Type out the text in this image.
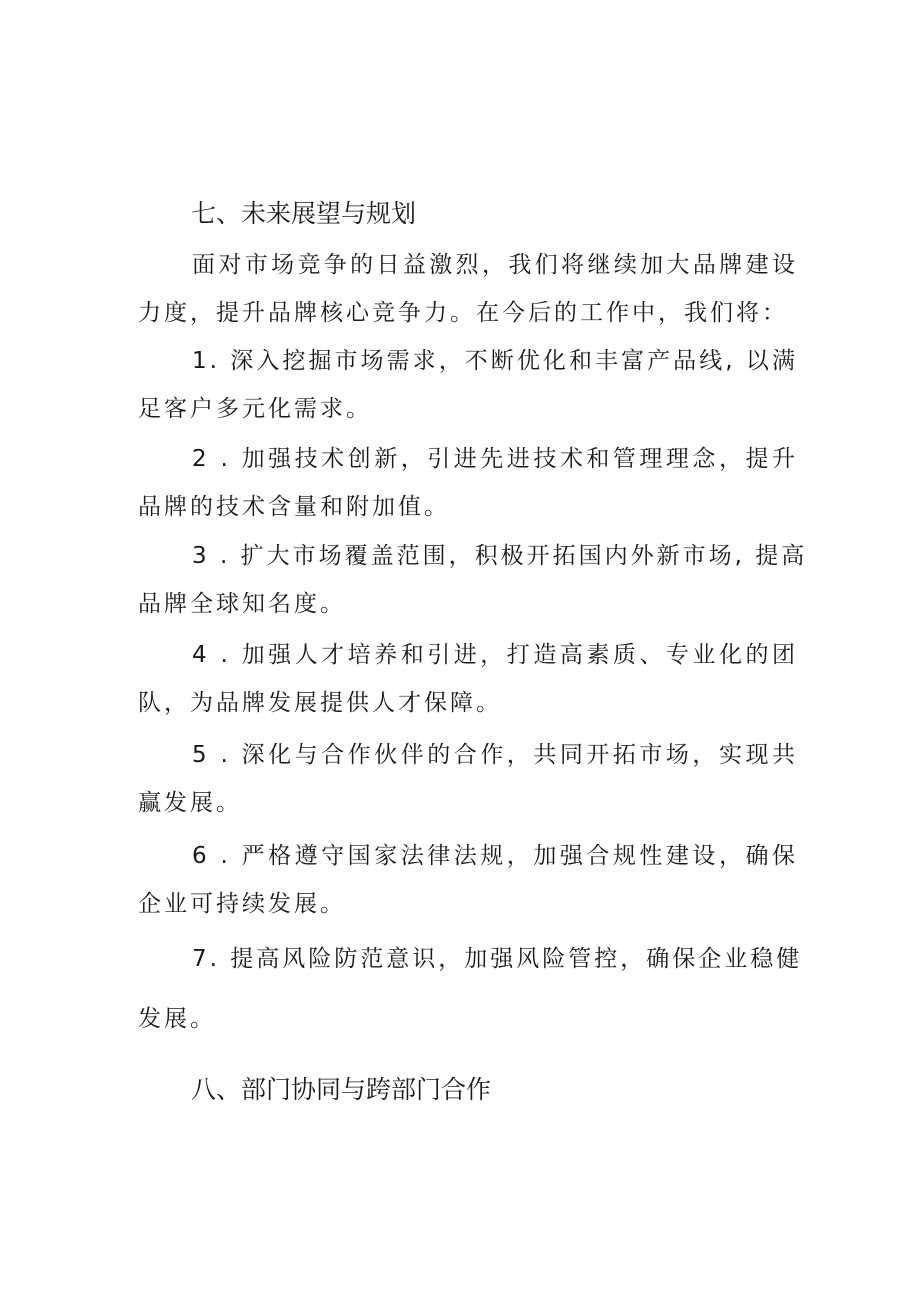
七、未来展望与规划
面对市场竞争的日益激烈，我们将继续加大品牌建设
力度，提升品牌核心竞争力。在今后的工作中，我们将：
1. 深入挖掘市场需求，不断优化和丰富产品线, 以满
足客户多元化需求。
2 . 加强技术创新，引进先进技术和管理理念，提升
品牌的技术含量和附加值。
3 . 扩大市场覆盖范围，积极开拓国内外新市场, 提高
品牌全球知名度。
4 . 加强人才培养和引进，打造高素质、专业化的团
队，为品牌发展提供人才保障。
5 . 深化与合作伙伴的合作，共同开拓市场，实现共
赢发展。
6 . 严格遵守国家法律法规，加强合规性建设，确保
企业可持续发展。
7. 提高风险防范意识，加强风险管控，确保企业稳健
发展。
八、部门协同与跨部门合作
